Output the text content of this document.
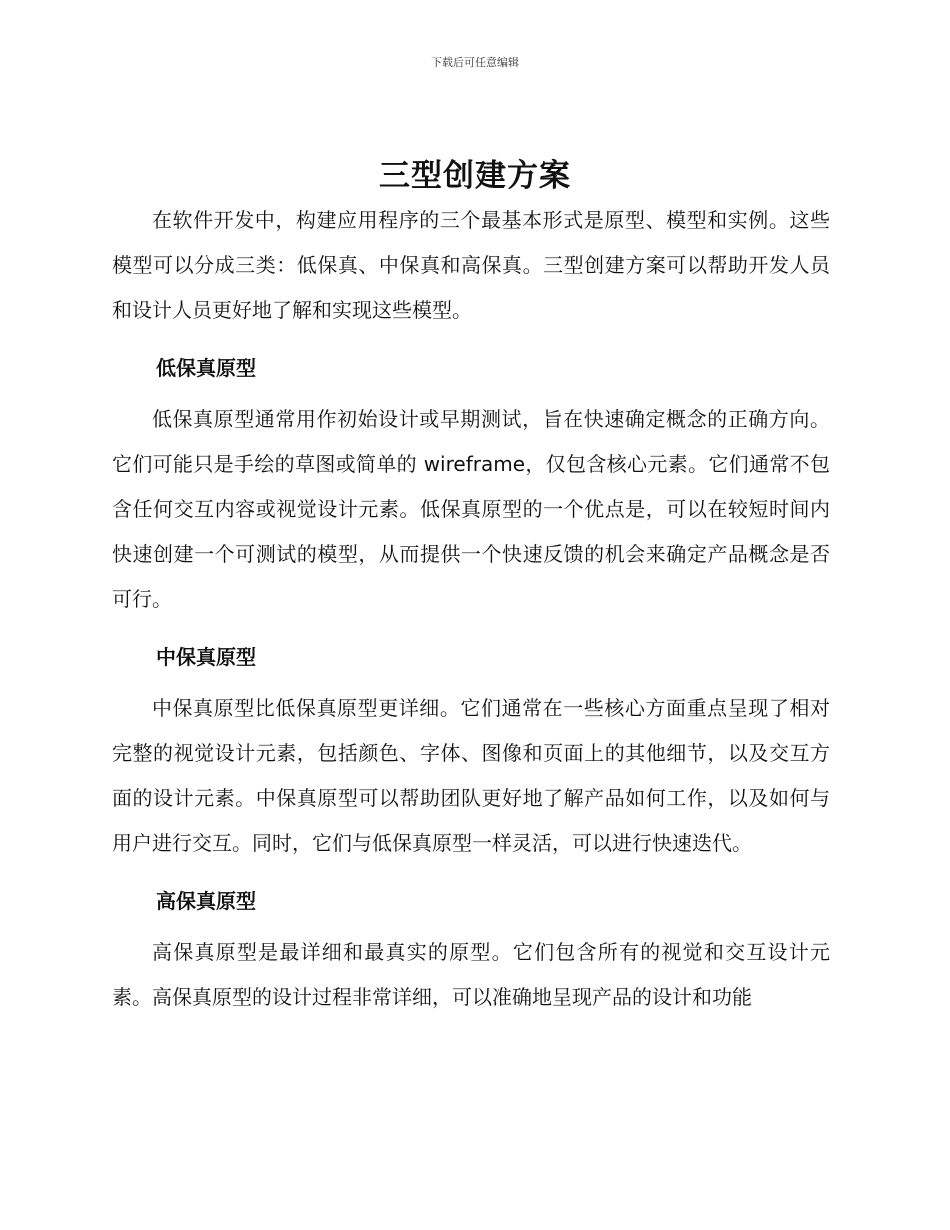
下载后可任意编辑
三型创建方案

在软件开发中，构建应用程序的三个最基本形式是原型、模型和实例。这些模型可以分成三类：低保真、中保真和高保真。三型创建方案可以帮助开发人员和设计人员更好地了解和实现这些模型。

低保真原型

低保真原型通常用作初始设计或早期测试，旨在快速确定概念的正确方向。它们可能只是手绘的草图或简单的 wireframe，仅包含核心元素。它们通常不包含任何交互内容或视觉设计元素。低保真原型的一个优点是，可以在较短时间内快速创建一个可测试的模型，从而提供一个快速反馈的机会来确定产品概念是否可行。

中保真原型

中保真原型比低保真原型更详细。它们通常在一些核心方面重点呈现了相对完整的视觉设计元素，包括颜色、字体、图像和页面上的其他细节，以及交互方面的设计元素。中保真原型可以帮助团队更好地了解产品如何工作，以及如何与用户进行交互。同时，它们与低保真原型一样灵活，可以进行快速迭代。

高保真原型

高保真原型是最详细和最真实的原型。它们包含所有的视觉和交互设计元素。高保真原型的设计过程非常详细，可以准确地呈现产品的设计和功能
